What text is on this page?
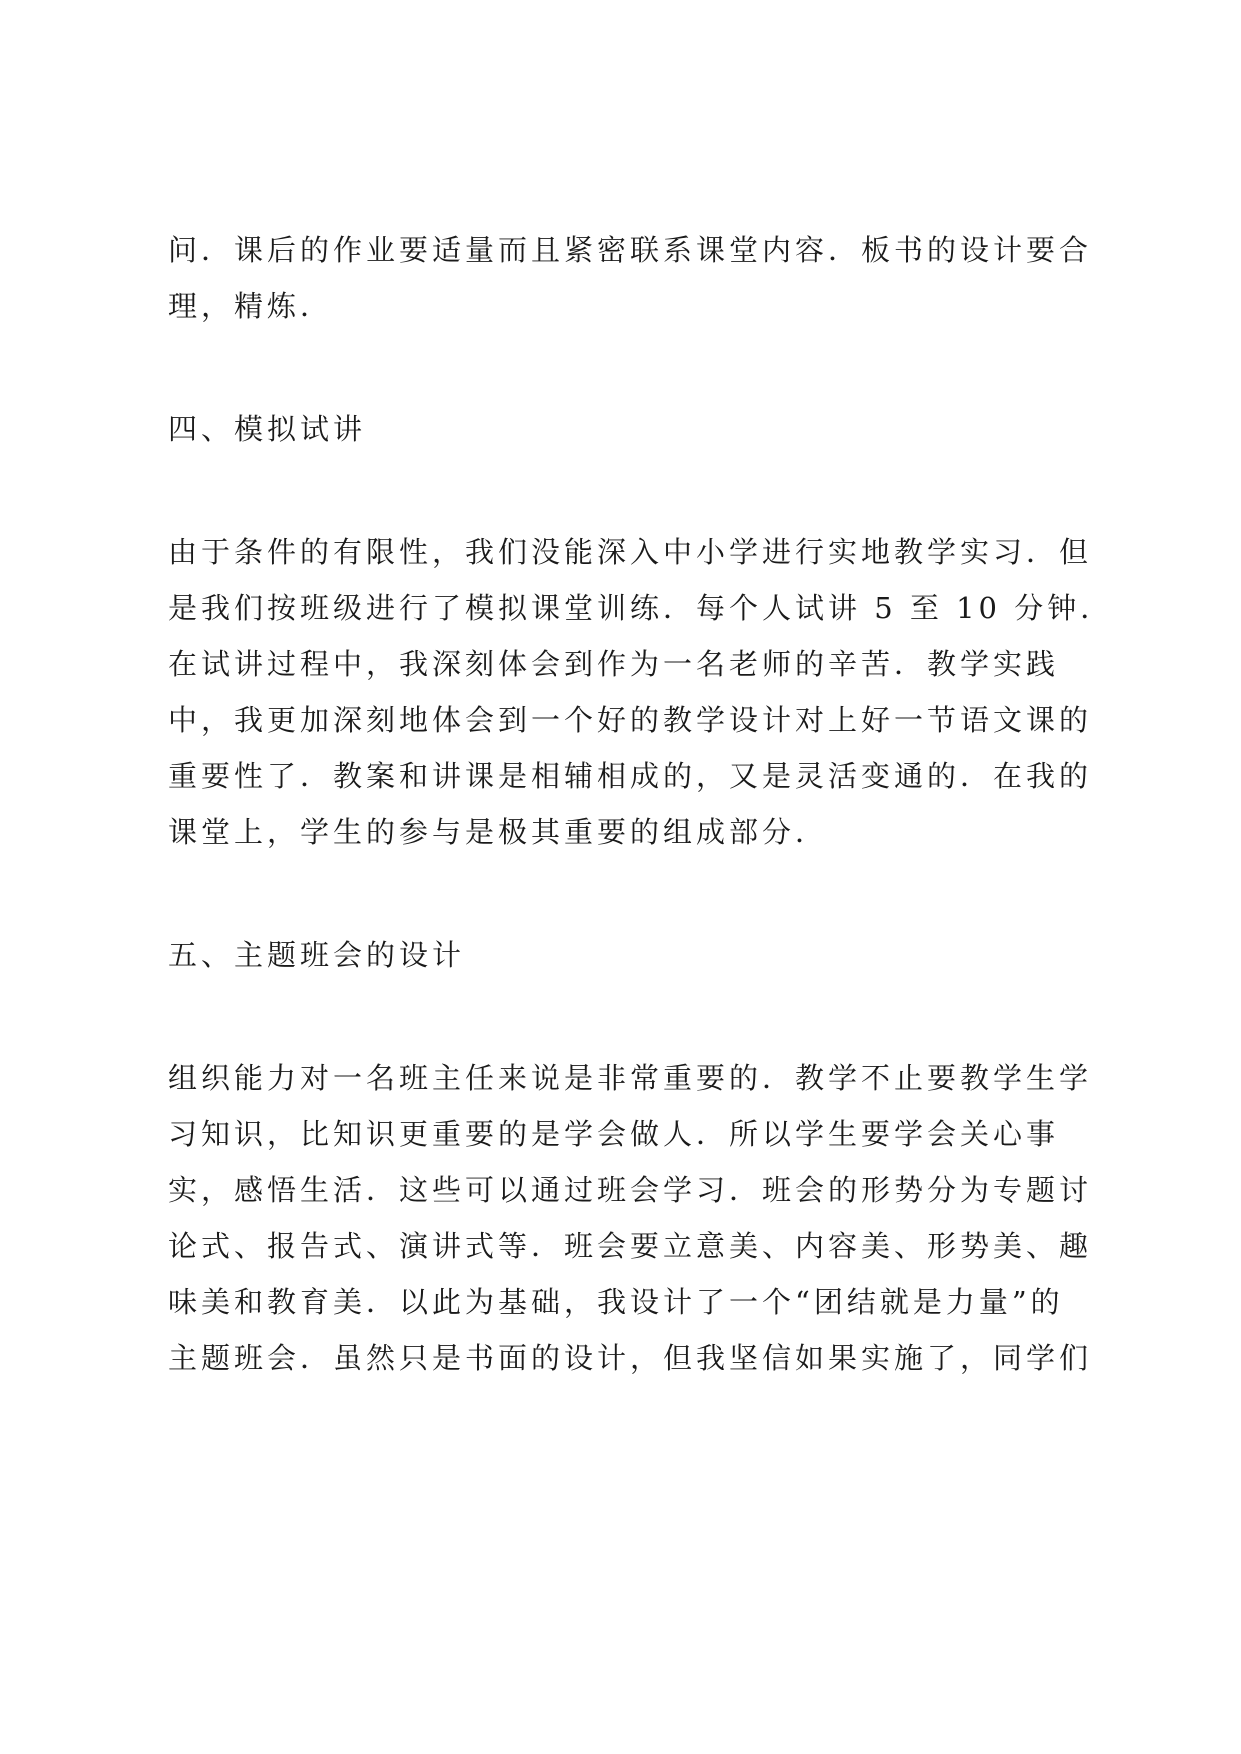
问．课后的作业要适量而且紧密联系课堂内容．板书的设计要合
理，精炼．
四、模拟试讲
由于条件的有限性，我们没能深入中小学进行实地教学实习．但
是我们按班级进行了模拟课堂训练．每个人试讲 5 至 10 分钟．
在试讲过程中，我深刻体会到作为一名老师的辛苦．教学实践
中，我更加深刻地体会到一个好的教学设计对上好一节语文课的
重要性了．教案和讲课是相辅相成的，又是灵活变通的．在我的
课堂上，学生的参与是极其重要的组成部分．
五、主题班会的设计
组织能力对一名班主任来说是非常重要的．教学不止要教学生学
习知识，比知识更重要的是学会做人．所以学生要学会关心事
实，感悟生活．这些可以通过班会学习．班会的形势分为专题讨
论式、报告式、演讲式等．班会要立意美、内容美、形势美、趣
味美和教育美．以此为基础，我设计了一个“团结就是力量”的
主题班会．虽然只是书面的设计，但我坚信如果实施了，同学们
